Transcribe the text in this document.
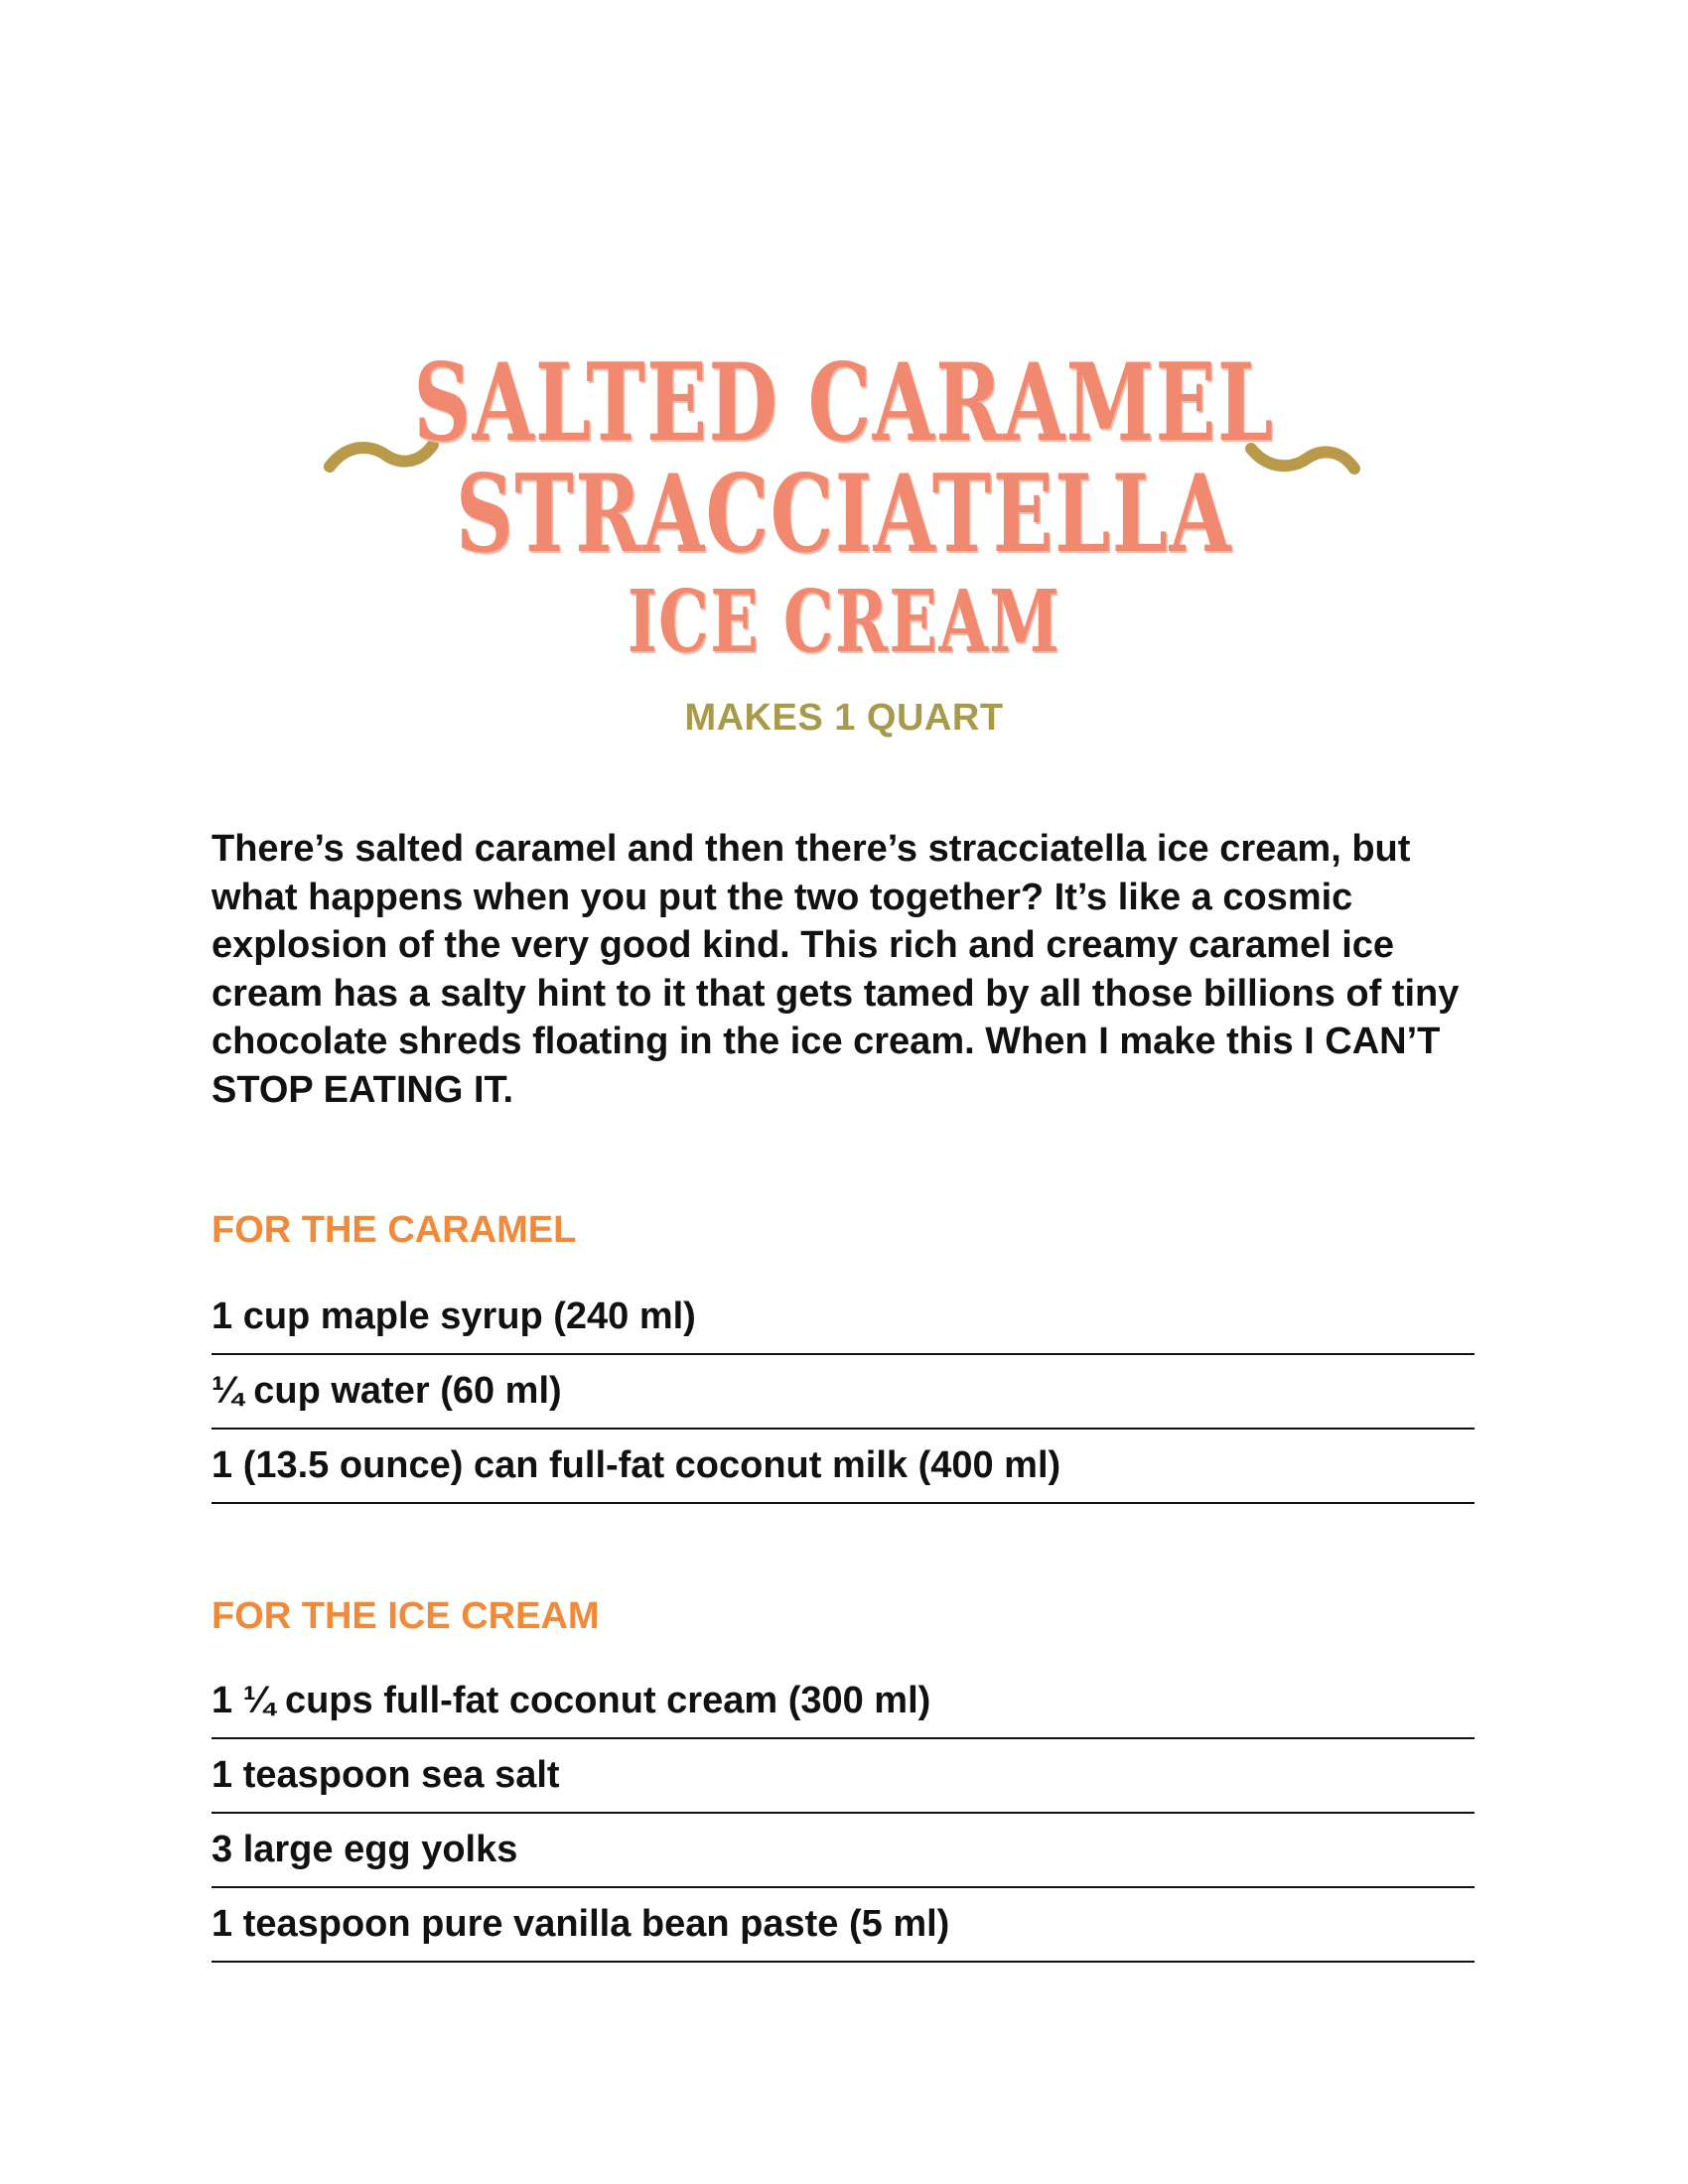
SALTED CARAMEL
STRACCIATELLA
ICE CREAM
MAKES 1 QUART

There’s salted caramel and then there’s stracciatella ice cream, but what happens when you put the two together? It’s like a cosmic explosion of the very good kind. This rich and creamy caramel ice cream has a salty hint to it that gets tamed by all those billions of tiny chocolate shreds floating in the ice cream. When I make this I CAN’T STOP EATING IT.

FOR THE CARAMEL
1 cup maple syrup (240 ml)
¼ cup water (60 ml)
1 (13.5 ounce) can full-fat coconut milk (400 ml)
FOR THE ICE CREAM
1 ¼ cups full-fat coconut cream (300 ml)
1 teaspoon sea salt
3 large egg yolks
1 teaspoon pure vanilla bean paste (5 ml)
